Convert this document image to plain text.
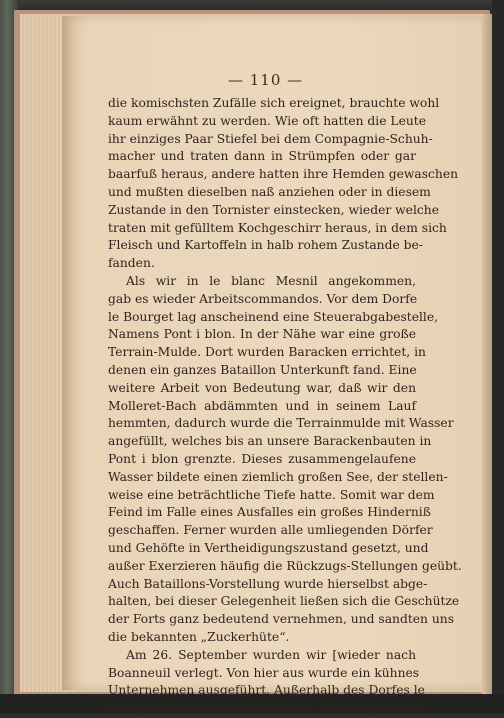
— 110 —
die komischsten Zufälle sich ereignet, brauchte wohl
kaum erwähnt zu werden. Wie oft hatten die Leute
ihr einziges Paar Stiefel bei dem Compagnie-Schuh-
macher und traten dann in Strümpfen oder gar
baarfuß heraus, andere hatten ihre Hemden gewaschen
und mußten dieselben naß anziehen oder in diesem
Zustande in den Tornister einstecken, wieder welche
traten mit gefülltem Kochgeschirr heraus, in dem sich
Fleisch und Kartoffeln in halb rohem Zustande be-
fanden.
Als wir in le blanc Mesnil angekommen,
gab es wieder Arbeitscommandos. Vor dem Dorfe
le Bourget lag anscheinend eine Steuerabgabestelle,
Namens Pont i blon. In der Nähe war eine große
Terrain-Mulde. Dort wurden Baracken errichtet, in
denen ein ganzes Bataillon Unterkunft fand. Eine
weitere Arbeit von Bedeutung war, daß wir den
Molleret-Bach abdämmten und in seinem Lauf
hemmten, dadurch wurde die Terrainmulde mit Wasser
angefüllt, welches bis an unsere Barackenbauten in
Pont i blon grenzte. Dieses zusammengelaufene
Wasser bildete einen ziemlich großen See, der stellen-
weise eine beträchtliche Tiefe hatte. Somit war dem
Feind im Falle eines Ausfalles ein großes Hinderniß
geschaffen. Ferner wurden alle umliegenden Dörfer
und Gehöfte in Vertheidigungszustand gesetzt, und
außer Exerzieren häufig die Rückzugs-Stellungen geübt.
Auch Bataillons-Vorstellung wurde hierselbst abge-
halten, bei dieser Gelegenheit ließen sich die Geschütze
der Forts ganz bedeutend vernehmen, und sandten uns
die bekannten „Zuckerhüte“.
Am 26. September wurden wir [wieder nach
Boanneuil verlegt. Von hier aus wurde ein kühnes
Unternehmen ausgeführt. Außerhalb des Dorfes le
Bourget standen auf dem Geleise der Ringbahn 40
